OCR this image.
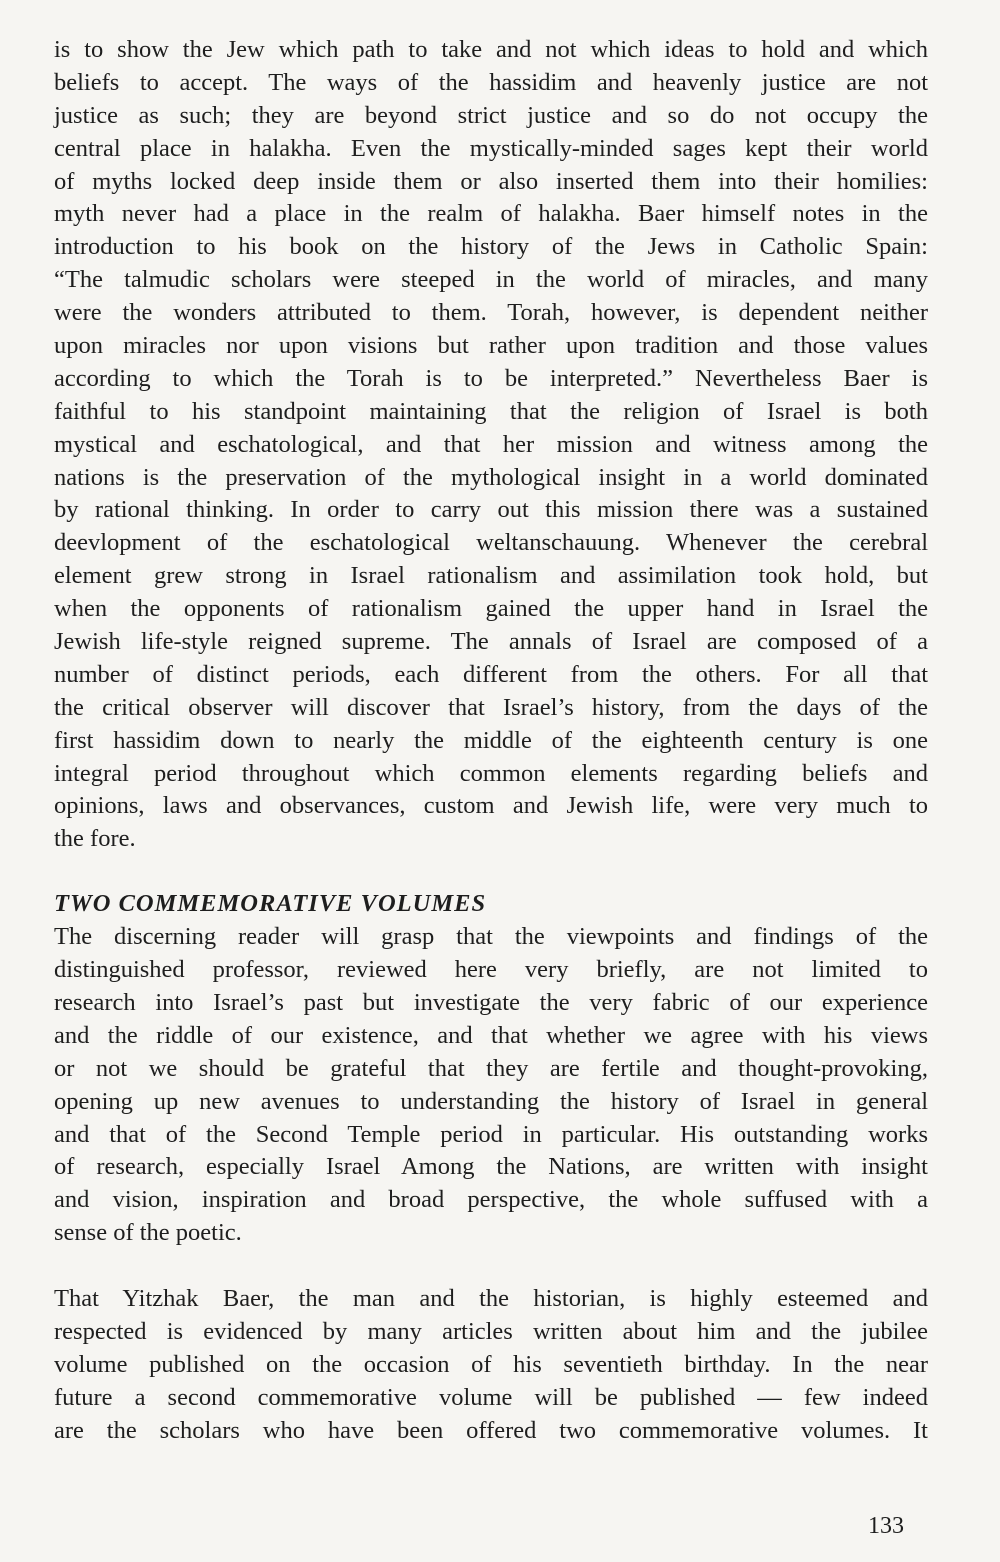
is to show the Jew which path to take and not which ideas to hold and which
beliefs to accept. The ways of the hassidim and heavenly justice are not
justice as such; they are beyond strict justice and so do not occupy the
central place in halakha. Even the mystically-minded sages kept their world
of myths locked deep inside them or also inserted them into their homilies:
myth never had a place in the realm of halakha. Baer himself notes in the
introduction to his book on the history of the Jews in Catholic Spain:
“The talmudic scholars were steeped in the world of miracles, and many
were the wonders attributed to them. Torah, however, is dependent neither
upon miracles nor upon visions but rather upon tradition and those values
according to which the Torah is to be interpreted.” Nevertheless Baer is
faithful to his standpoint maintaining that the religion of Israel is both
mystical and eschatological, and that her mission and witness among the
nations is the preservation of the mythological insight in a world dominated
by rational thinking. In order to carry out this mission there was a sustained
deevlopment of the eschatological weltanschauung. Whenever the cerebral
element grew strong in Israel rationalism and assimilation took hold, but
when the opponents of rationalism gained the upper hand in Israel the
Jewish life-style reigned supreme. The annals of Israel are composed of a
number of distinct periods, each different from the others. For all that
the critical observer will discover that Israel’s history, from the days of the
first hassidim down to nearly the middle of the eighteenth century is one
integral period throughout which common elements regarding beliefs and
opinions, laws and observances, custom and Jewish life, were very much to
the fore.

TWO COMMEMORATIVE VOLUMES

The discerning reader will grasp that the viewpoints and findings of the
distinguished professor, reviewed here very briefly, are not limited to
research into Israel’s past but investigate the very fabric of our experience
and the riddle of our existence, and that whether we agree with his views
or not we should be grateful that they are fertile and thought-provoking,
opening up new avenues to understanding the history of Israel in general
and that of the Second Temple period in particular. His outstanding works
of research, especially Israel Among the Nations, are written with insight
and vision, inspiration and broad perspective, the whole suffused with a
sense of the poetic.

That Yitzhak Baer, the man and the historian, is highly esteemed and
respected is evidenced by many articles written about him and the jubilee
volume published on the occasion of his seventieth birthday. In the near
future a second commemorative volume will be published — few indeed
are the scholars who have been offered two commemorative volumes. It

133
